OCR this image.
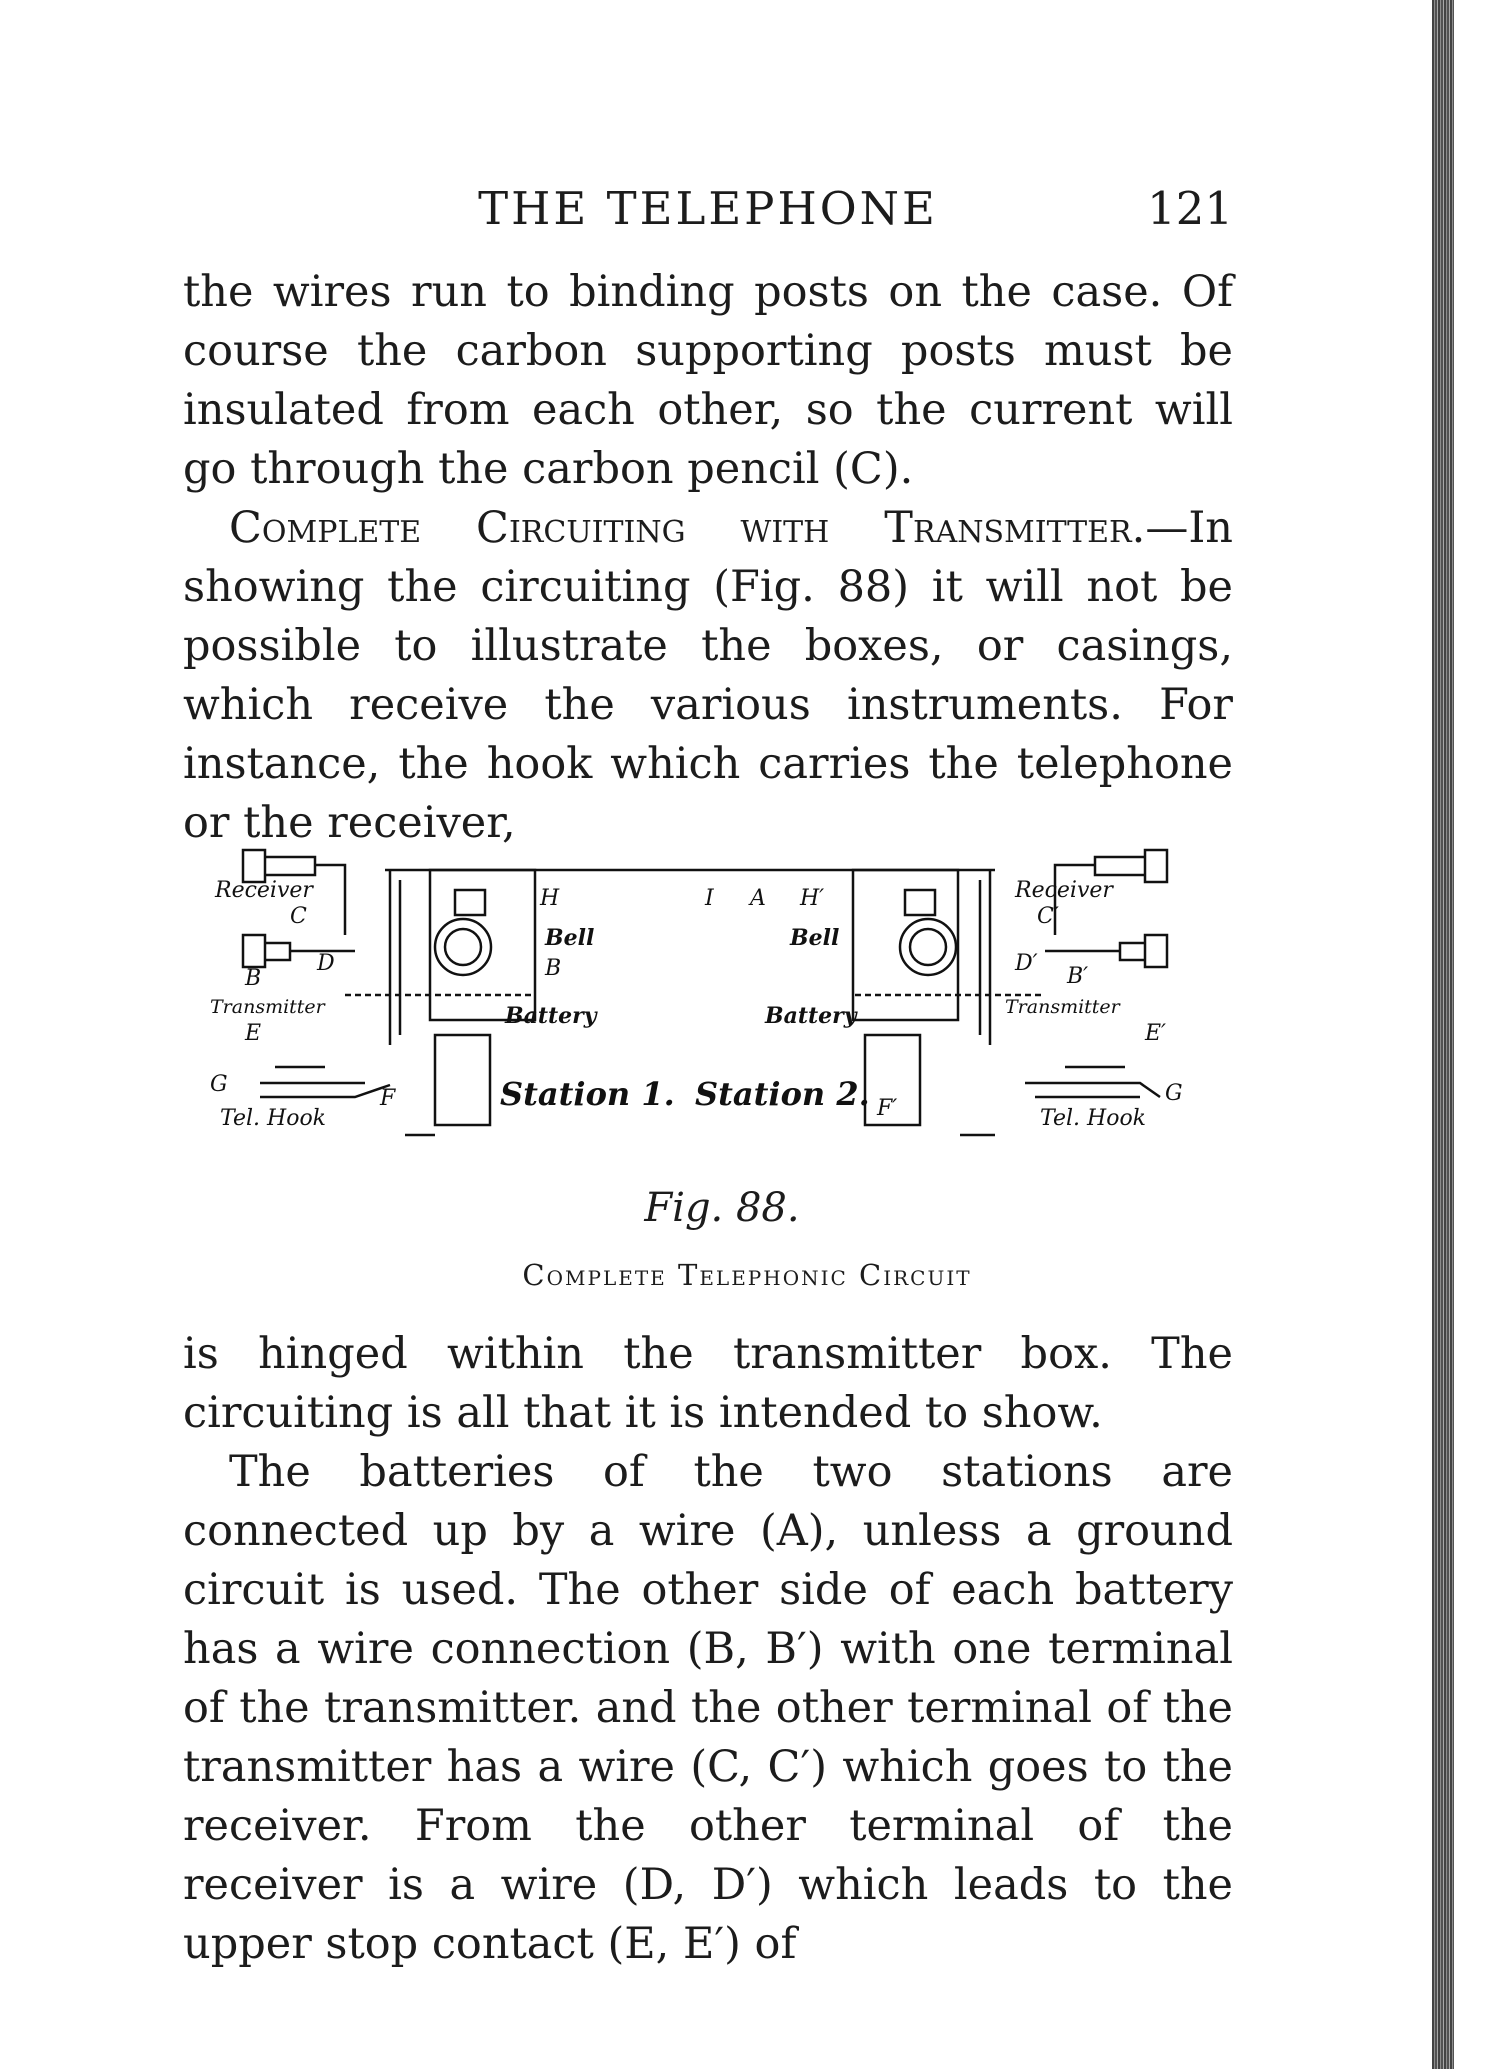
THE TELEPHONE	121

the wires run to binding posts on the case. Of course the carbon supporting posts must be insulated from each other, so the current will go through the carbon pencil (C).

Complete Circuiting with Transmitter.—In showing the circuiting (Fig. 88) it will not be possible to illustrate the boxes, or casings, which receive the various instruments. For instance, the hook which carries the telephone or the receiver,

Receiver
C
D
B
Transmitter
E
G
Tel. Hook
H	I A
Bell
B
Battery
F	Station 1.
H′
Bell
Battery
Station 2. F′
Receiver
C′
D′
B′
Transmitter
E′
G
Tel. Hook
Fig. 88.
Complete Telephonic Circuit

is hinged within the transmitter box. The circuiting is all that it is intended to show.

The batteries of the two stations are connected up by a wire (A), unless a ground circuit is used. The other side of each battery has a wire connection (B, B′) with one terminal of the transmitter. and the other terminal of the transmitter has a wire (C, C′) which goes to the receiver. From the other terminal of the receiver is a wire (D, D′) which leads to the upper stop contact (E, E′) of
